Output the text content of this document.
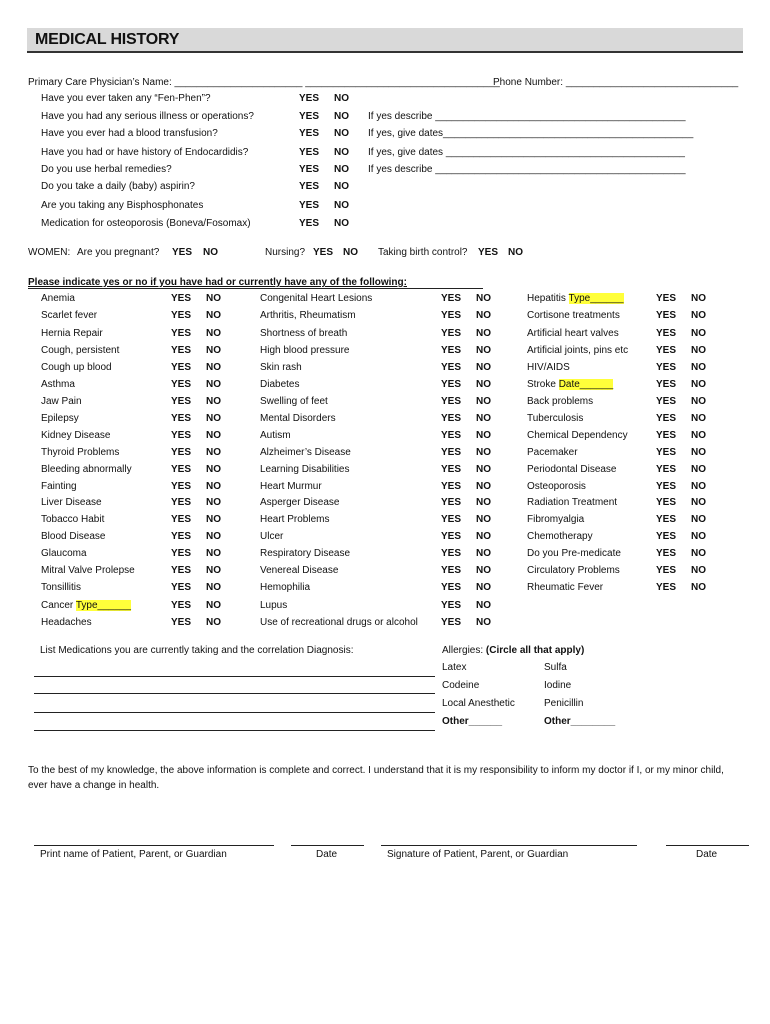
MEDICAL HISTORY
Primary Care Physician’s Name: _______________________ ___________________________________
Phone Number: _______________________________
Have you ever taken any “Fen-Phen”?	YES NO
Have you had any serious illness or operations?	YES NO If yes describe _____________________________________________
Have you ever had a blood transfusion?	YES NO If yes, give dates_____________________________________________
Have you had or have history of Endocardidis?	YES NO If yes, give dates ___________________________________________
Do you use herbal remedies?	YES NO If yes describe _____________________________________________
Do you take a daily (baby) aspirin?	YES NO
Are you taking any Bisphosphonates	YES NO
Medication for osteoporosis (Boneva/Fosomax)	YES NO
WOMEN: Are you pregnant? YES NO	Nursing? YES NO Taking birth control? YES NO
Please indicate yes or no if you have had or currently have any of the following:
Anemia	YES NO
Scarlet fever	YES NO
Hernia Repair	YES NO
Cough, persistent	YES NO
Cough up blood	YES NO
Asthma	YES NO
Jaw Pain	YES NO
Epilepsy	YES NO
Kidney Disease	YES NO
Thyroid Problems	YES NO
Bleeding abnormally	YES NO
Fainting	YES NO
Liver Disease	YES NO
Tobacco Habit	YES NO
Blood Disease	YES NO
Glaucoma	YES NO
Mitral Valve Prolepse	YES NO
Tonsillitis	YES NO
Cancer Type______	YES NO
Headaches	YES NO
Congenital Heart Lesions	YES NO
Arthritis, Rheumatism	YES NO
Shortness of breath	YES NO
High blood pressure	YES NO
Skin rash	YES NO
Diabetes	YES NO
Swelling of feet	YES NO
Mental Disorders	YES NO
Autism	YES NO
Alzheimer’s Disease	YES NO
Learning Disabilities	YES NO
Heart Murmur	YES NO
Asperger Disease	YES NO
Heart Problems	YES NO
Ulcer	YES NO
Respiratory Disease	YES NO
Venereal Disease	YES NO
Hemophilia	YES NO
Lupus	YES NO
Use of recreational drugs or alcohol YES NO
Hepatitis Type______	YES NO
Cortisone treatments	YES NO
Artificial heart valves	YES NO
Artificial joints, pins etc	YES NO
HIV/AIDS	YES NO
Stroke Date______	YES NO
Back problems	YES NO
Tuberculosis	YES NO
Chemical Dependency	YES NO
Pacemaker	YES NO
Periodontal Disease	YES NO
Osteoporosis	YES NO
Radiation Treatment	YES NO
Fibromyalgia	YES NO
Chemotherapy	YES NO
Do you Pre-medicate	YES NO
Circulatory Problems	YES NO
Rheumatic Fever	YES NO
List Medications you are currently taking and the correlation Diagnosis:	Allergies: (Circle all that apply)
Latex	Sulfa
Codeine	Iodine
Local Anesthetic	Penicillin
Other______	Other________
To the best of my knowledge, the above information is complete and correct. I understand that it is my responsibility to inform my doctor if I, or my minor child, ever have a change in health.
Print name of Patient, Parent, or Guardian	Date	Signature of Patient, Parent, or Guardian	Date
